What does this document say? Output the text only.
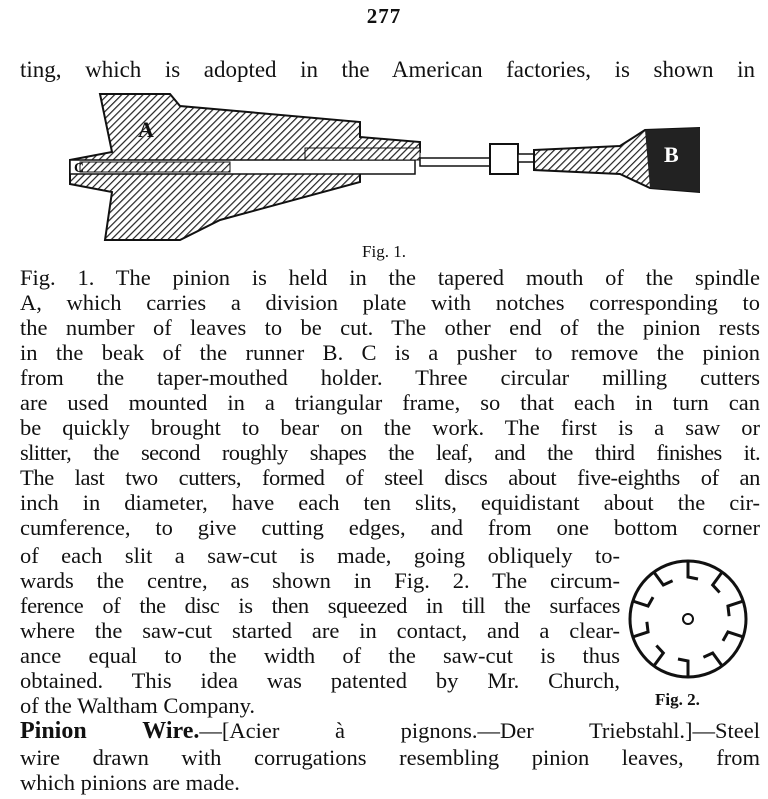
277
ting, which is adopted in the American factories, is shown in
A
B
C
Fig. 1.
Fig. 1. The pinion is held in the tapered mouth of the spindle
A, which carries a division plate with notches corresponding to
the number of leaves to be cut. The other end of the pinion rests
in the beak of the runner B. C is a pusher to remove the pinion
from the taper-mouthed holder. Three circular milling cutters
are used mounted in a triangular frame, so that each in turn can
be quickly brought to bear on the work. The first is a saw or
slitter, the second roughly shapes the leaf, and the third finishes it.
The last two cutters, formed of steel discs about five-eighths of an
inch in diameter, have each ten slits, equidistant about the cir-
cumference, to give cutting edges, and from one bottom corner
of each slit a saw-cut is made, going obliquely to-
wards the centre, as shown in Fig. 2. The circum-
ference of the disc is then squeezed in till the surfaces
where the saw-cut started are in contact, and a clear-
ance equal to the width of the saw-cut is thus
obtained. This idea was patented by Mr. Church,
of the Waltham Company.	Fig. 2.
Pinion Wire.—[Acier à pignons.—Der Triebstahl.]—Steel
wire drawn with corrugations resembling pinion leaves, from
which pinions are made.
